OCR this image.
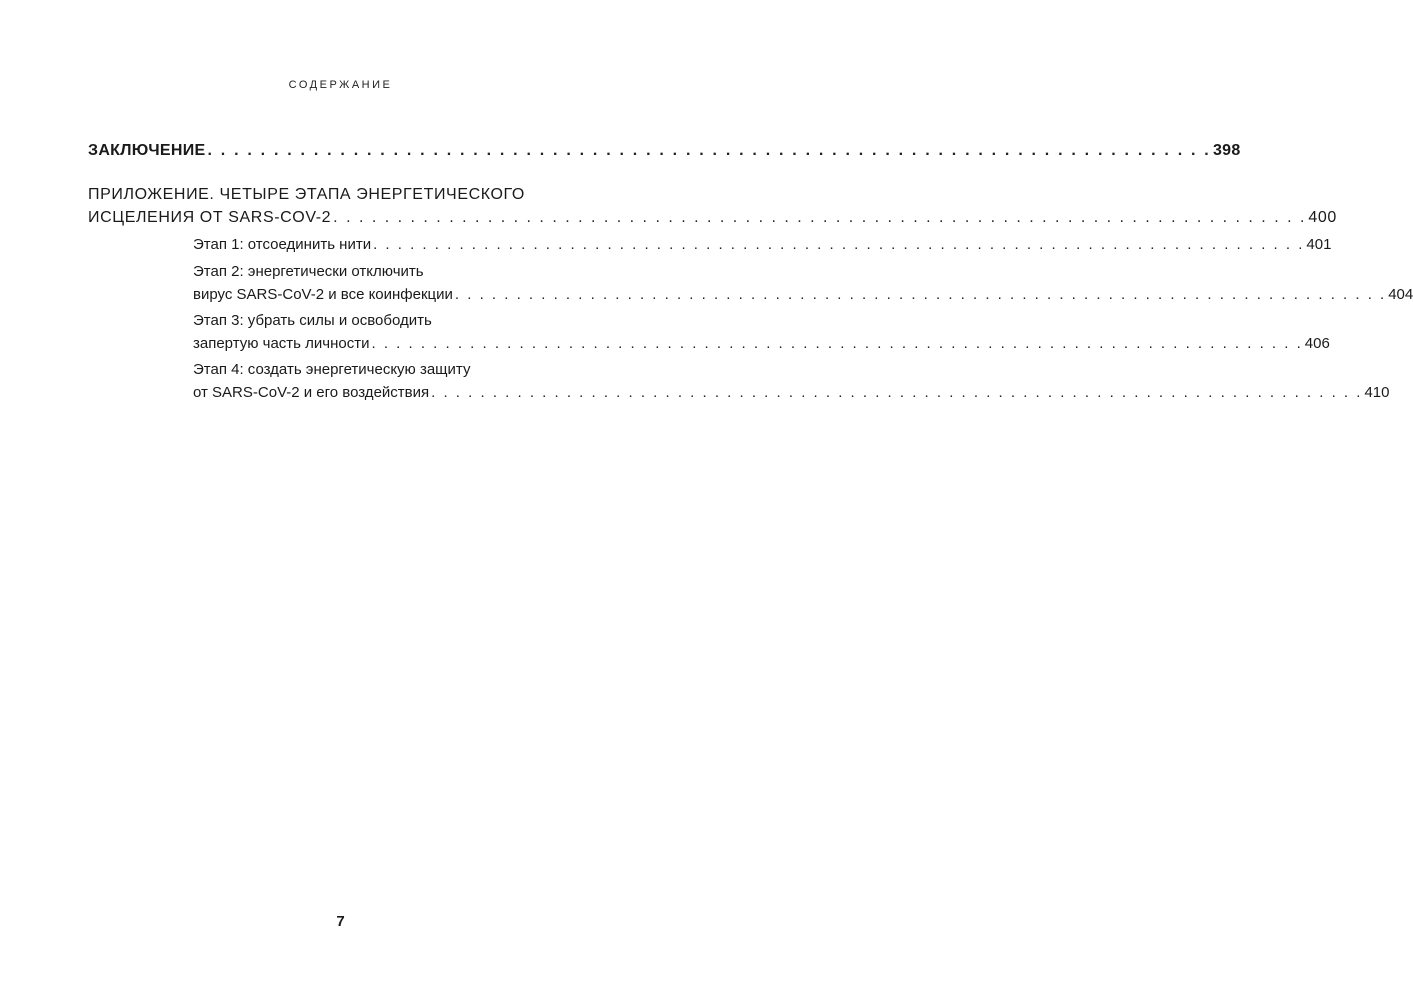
СОДЕРЖАНИЕ
ЗАКЛЮЧЕНИЕ . . . . . . . . . . . . . . . . . . . . . . . . . . . . . . . . . . . . . . . . . . . . . . . . . . . . . . . . . . . . . . . . . . . . . . . . . . . . 398
ПРИЛОЖЕНИЕ. ЧЕТЫРЕ ЭТАПА ЭНЕРГЕТИЧЕСКОГО
ИСЦЕЛЕНИЯ ОТ SARS-COV-2 . . . . . . . . . . . . . . . . . . . . . . . . . . . . . . . . . . . . . . . . . . . . . . . . . . . . . . . . . . . . . . . . . . . . . . . . . . . . 400
Этап 1: отсоединить нити . . . . . . . . . . . . . . . . . . . . . . . . . . . . . . . . . . . . . . . . . . . . . . . . . . . . . . . . . . . . . . . . . . . . . . . . . . . . 401
Этап 2: энергетически отключить
вирус SARS-CoV-2 и все коинфекции . . . . . . . . . . . . . . . . . . . . . . . . . . . . . . . . . . . . . . . . . . . . . . . . . . . . . . . . . . . . . . . . . . . . . . . . . . . . 404
Этап 3: убрать силы и освободить
запертую часть личности . . . . . . . . . . . . . . . . . . . . . . . . . . . . . . . . . . . . . . . . . . . . . . . . . . . . . . . . . . . . . . . . . . . . . . . . . . . . 406
Этап 4: создать энергетическую защиту
от SARS-CoV-2 и его воздействия . . . . . . . . . . . . . . . . . . . . . . . . . . . . . . . . . . . . . . . . . . . . . . . . . . . . . . . . . . . . . . . . . . . . . . . . . . . . 410
7
